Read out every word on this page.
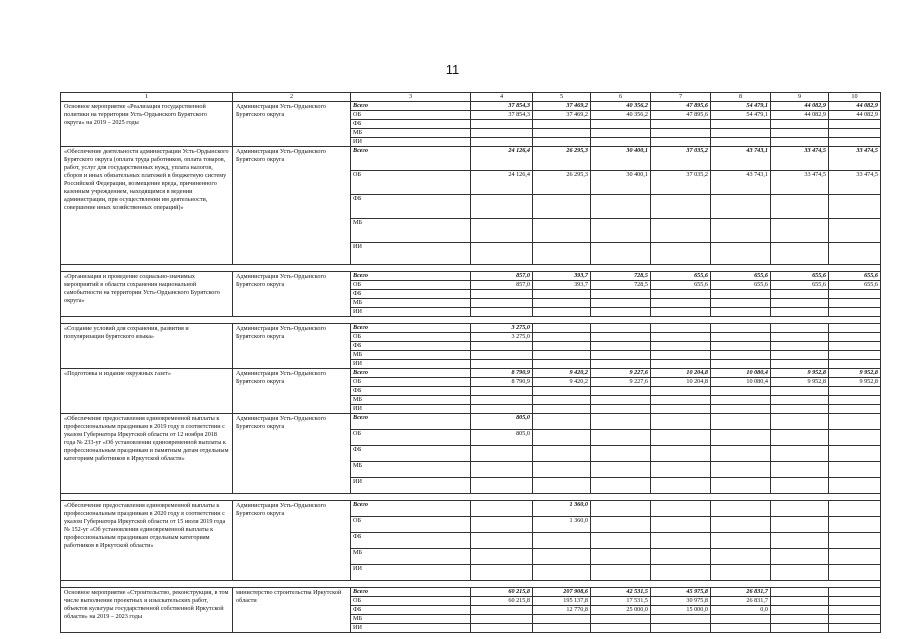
11
1	2	3	4	5	6	7	8	9	10
Основное мероприятие «Реализация государственной политики на территории Усть-Ордынского Бурятского округа» на 2019 – 2025 годы	Администрация Усть-Ордынского Бурятского округа	Всего	37 854,3	37 469,2	40 356,2	47 895,6	54 479,1	44 082,9	44 082,9
		ОБ	37 854,3	37 469,2	40 356,2	47 895,6	54 479,1	44 082,9	44 082,9
		ФБ							
		МБ							
		ИИ							
«Обеспечение деятельности администрации Усть-Ордынского Бурятского округа (оплата труда работников, оплата товаров, работ, услуг для государственных нужд, уплата налогов, сборов и иных обязательных платежей в бюджетную систему Российской Федерации, возмещение вреда, причиненного казенным учреждением, находящимся в ведении администрации, при осуществлении им деятельности, совершение иных хозяйственных операций)»	Администрация Усть-Ордынского Бурятского округа	Всего	24 126,4	26 295,3	30 400,1	37 035,2	43 743,1	33 474,5	33 474,5
		ОБ	24 126,4	26 295,3	30 400,1	37 035,2	43 743,1	33 474,5	33 474,5
		ФБ							
		МБ							
		ИИ							

«Организация и проведение социально-значимых мероприятий в области сохранения национальной самобытности на территории Усть-Ордынского Бурятского округа»	Администрация Усть-Ордынского Бурятского округа	Всего	857,0	393,7	728,5	655,6	655,6	655,6	655,6
		ОБ	857,0	393,7	728,5	655,6	655,6	655,6	655,6
		ФБ							
		МБ							
		ИИ							

«Создание условий для сохранения, развития и популяризации бурятского языка»	Администрация Усть-Ордынского Бурятского округа	Всего	3 275,0						
		ОБ	3 275,0						
		ФБ							
		МБ							
		ИИ							
«Подготовка и издание окружных газет»	Администрация Усть-Ордынского Бурятского округа	Всего	8 790,9	9 420,2	9 227,6	10 204,8	10 080,4	9 952,8	9 952,8
		ОБ	8 790,9	9 420,2	9 227,6	10 204,8	10 080,4	9 952,8	9 952,8
		ФБ							
		МБ							
		ИИ							
«Обеспечение предоставления единовременной выплаты к профессиональным праздникам в 2019 году в соответствии с указом Губернатора Иркутской области от 12 ноября 2018 года № 233-уг «Об установлении единовременной выплаты к профессиональным праздникам и памятным датам отдельным категориям работников в Иркутской области»	Администрация Усть-Ордынского Бурятского округа	Всего	805,0						
		ОБ	805,0						
		ФБ							
		МБ							
		ИИ							

«Обеспечение предоставления единовременной выплаты к профессиональным праздникам в 2020 году в соответствии с указом Губернатора Иркутской области от 15 июля 2019 года № 152-уг «Об установлении единовременной выплаты к профессиональным праздникам отдельным категориям работников в Иркутской области»	Администрация Усть-Ордынского Бурятского округа	Всего		1 360,0					
		ОБ		1 360,0					
		ФБ							
		МБ							
		ИИ							

Основное мероприятие «Строительство, реконструкция, в том числе выполнение проектных и изыскательских работ, объектов культуры государственной собственной Иркутской области» на 2019 – 2023 годы	министерство строительства Иркутской области	Всего	60 215,8	207 908,6	42 531,5	45 975,8	26 831,7		
		ОБ	60 215,8	195 137,8	17 531,5	30 975,8	26 831,7		
		ФБ		12 770,8	25 000,0	15 000,0	0,0		
		МБ							
		ИИ							
